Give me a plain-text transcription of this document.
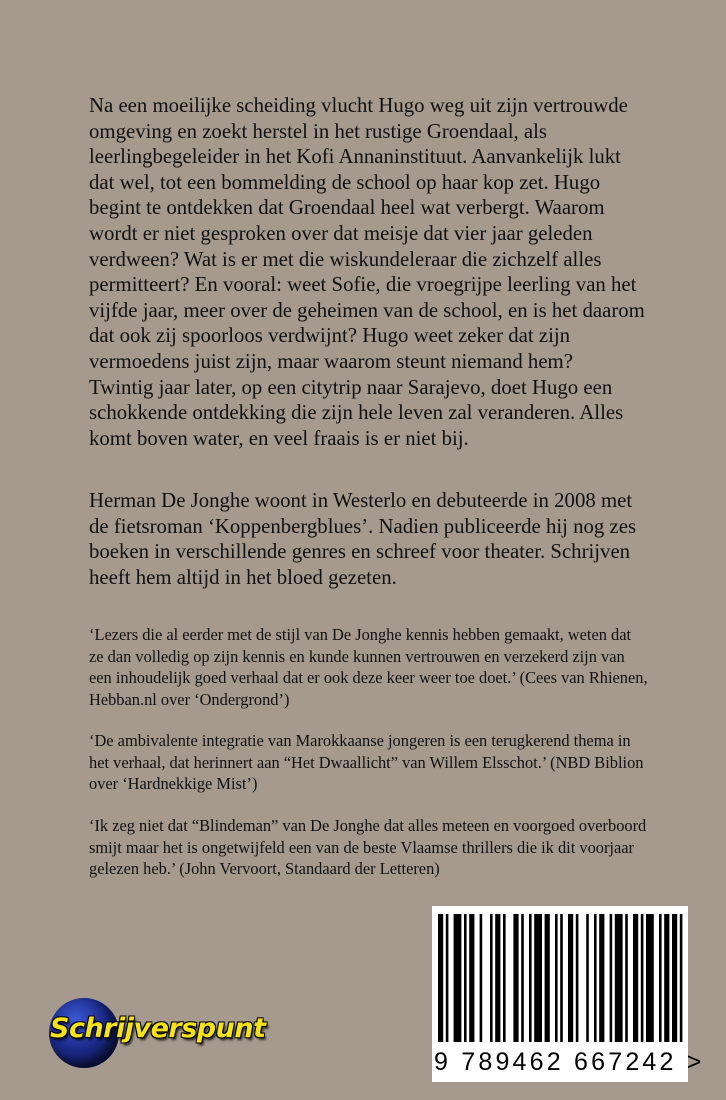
Na een moeilijke scheiding vlucht Hugo weg uit zijn vertrouwde omgeving en zoekt herstel in het rustige Groendaal, als leerlingbegeleider in het Kofi Annaninstituut. Aanvankelijk lukt dat wel, tot een bommelding de school op haar kop zet. Hugo begint te ontdekken dat Groendaal heel wat verbergt. Waarom wordt er niet gesproken over dat meisje dat vier jaar geleden verdween? Wat is er met die wiskundeleraar die zichzelf alles permitteert? En vooral: weet Sofie, die vroegrijpe leerling van het vijfde jaar, meer over de geheimen van de school, en is het daarom dat ook zij spoorloos verdwijnt? Hugo weet zeker dat zijn vermoedens juist zijn, maar waarom steunt niemand hem?
Twintig jaar later, op een citytrip naar Sarajevo, doet Hugo een schokkende ontdekking die zijn hele leven zal veranderen. Alles komt boven water, en veel fraais is er niet bij.

Herman De Jonghe woont in Westerlo en debuteerde in 2008 met de fietsroman ‘Koppenbergblues’. Nadien publiceerde hij nog zes boeken in verschillende genres en schreef voor theater. Schrijven heeft hem altijd in het bloed gezeten.

‘Lezers die al eerder met de stijl van De Jonghe kennis hebben gemaakt, weten dat ze dan volledig op zijn kennis en kunde kunnen vertrouwen en verzekerd zijn van een inhoudelijk goed verhaal dat er ook deze keer weer toe doet.’ (Cees van Rhienen, Hebban.nl over ‘Ondergrond’)

‘De ambivalente integratie van Marokkaanse jongeren is een terugkerend thema in het verhaal, dat herinnert aan “Het Dwaallicht” van Willem Elsschot.’ (NBD Biblion over ‘Hardnekkige Mist’)

‘Ik zeg niet dat “Blindeman” van De Jonghe dat alles meteen en voorgoed overboord smijt maar het is ongetwijfeld een van de beste Vlaamse thrillers die ik dit voorjaar gelezen heb.’ (John Vervoort, Standaard der Letteren)

Schrijverspunt
9 789462 667242 >
